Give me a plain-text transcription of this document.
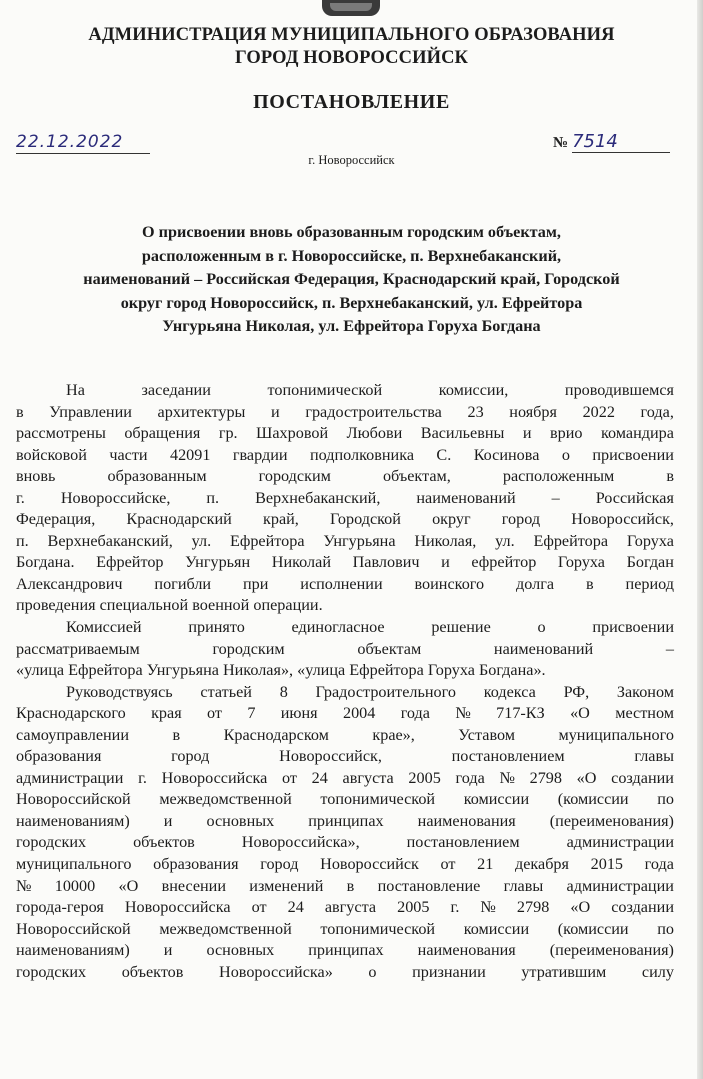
АДМИНИСТРАЦИЯ МУНИЦИПАЛЬНОГО ОБРАЗОВАНИЯ
ГОРОД НОВОРОССИЙСК
ПОСТАНОВЛЕНИЕ
22.12.2022	№ 7514
г. Новороссийск
О присвоении вновь образованным городским объектам,
расположенным в г. Новороссийске, п. Верхнебаканский,
наименований – Российская Федерация, Краснодарский край, Городской
округ город Новороссийск, п. Верхнебаканский, ул. Ефрейтора
Унгурьяна Николая, ул. Ефрейтора Горуха Богдана
На	заседании	топонимической	комиссии,	проводившемся
в Управлении архитектуры и градостроительства 23 ноября 2022 года,
рассмотрены обращения гр. Шахровой Любови Васильевны и врио командира
войсковой части 42091 гвардии подполковника С. Косинова о присвоении
вновь	образованным	городским	объектам,	расположенным	в
г. Новороссийске, п. Верхнебаканский, наименований – Российская
Федерация, Краснодарский край, Городской округ город Новороссийск,
п. Верхнебаканский, ул. Ефрейтора Унгурьяна Николая, ул. Ефрейтора Горуха
Богдана. Ефрейтор Унгурьян Николай Павлович и ефрейтор Горуха Богдан
Александрович погибли при исполнении воинского долга в период
проведения специальной военной операции.
Комиссией	принято	единогласное	решение	о	присвоении
рассматриваемым	городским	объектам	наименований	–
«улица Ефрейтора Унгурьяна Николая», «улица Ефрейтора Горуха Богдана».
Руководствуясь статьей 8 Градостроительного кодекса РФ, Законом
Краснодарского края от 7 июня 2004 года № 717-КЗ «О местном
самоуправлении	в	Краснодарском	крае»,	Уставом	муниципального
образования	город	Новороссийск,	постановлением	главы
администрации г. Новороссийска от 24 августа 2005 года № 2798 «О создании
Новороссийской межведомственной топонимической комиссии (комиссии по
наименованиям) и основных принципах наименования (переименования)
городских	объектов	Новороссийска»,	постановлением	администрации
муниципального образования город Новороссийск от 21 декабря 2015 года
№ 10000 «О внесении изменений в постановление главы администрации
города-героя Новороссийска от 24 августа 2005 г. № 2798 «О создании
Новороссийской межведомственной топонимической комиссии (комиссии по
наименованиям) и основных принципах наименования (переименования)
городских объектов Новороссийска» о признании утратившим силу
